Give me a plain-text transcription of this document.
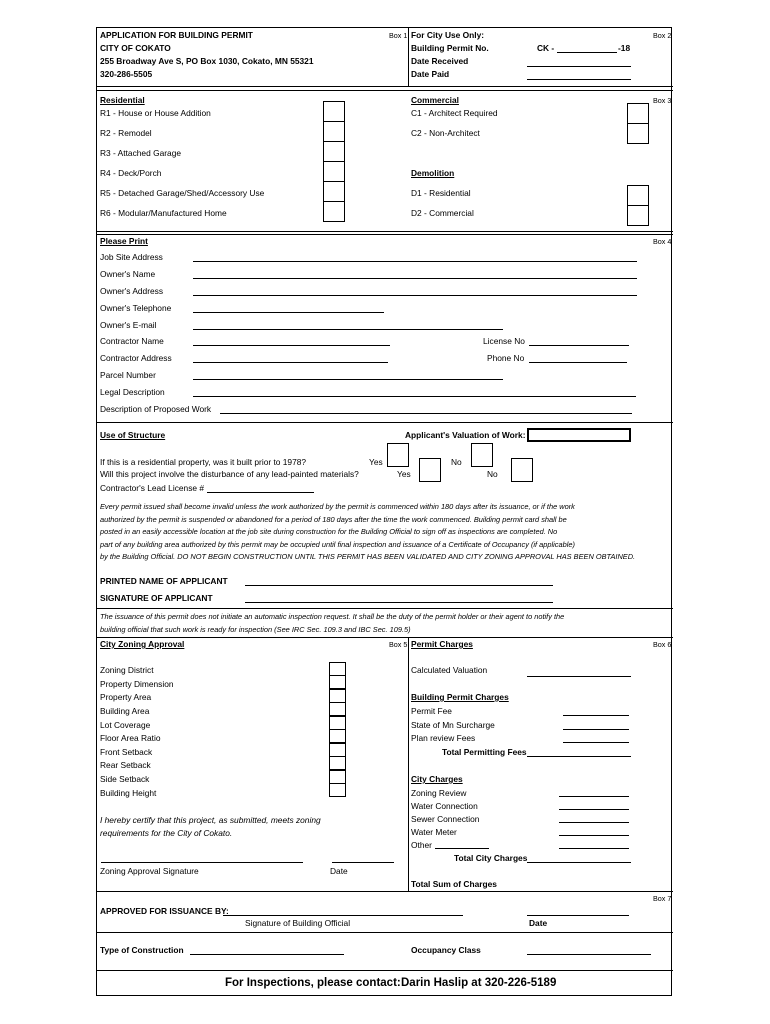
APPLICATION FOR BUILDING PERMIT
CITY OF COKATO
255 Broadway Ave S, PO Box 1030, Cokato, MN 55321
320-286-5505
Box 1 For City Use Only:	Box 2
Building Permit No.	CK -	-18
Date Received
Date Paid
Residential
R1 - House or House Addition
R2 - Remodel
R3 - Attached Garage
R4 - Deck/Porch
R5 - Detached Garage/Shed/Accessory Use
R6 - Modular/Manufactured Home
Commercial	Box 3
C1 - Architect Required
C2 - Non-Architect
Demolition
D1 - Residential
D2 - Commercial
Please Print	Box 4
Job Site Address
Owner's Name
Owner's Address
Owner's Telephone
Owner's E-mail
Contractor Name	License No
Contractor Address	Phone No
Parcel Number
Legal Description
Description of Proposed Work
Use of Structure	Applicant's Valuation of Work:
If this is a residential property, was it built prior to 1978?	Yes	No
Will this project involve the disturbance of any lead-painted materials?	Yes	No
Contractor's Lead License #
Every permit issued shall become invalid unless the work authorized by the permit is commenced within 180 days after its issuance, or if the work
authorized by the permit is suspended or abandoned for a period of 180 days after the time the work commenced. Building permit card shall be
posted in an easily accessible location at the job site during construction for the Building Official to sign off as inspections are completed. No
part of any building area authorized by this permit may be occupied until final inspection and issuance of a Certificate of Occupancy (if applicable)
by the Building Official. DO NOT BEGIN CONSTRUCTION UNTIL THIS PERMIT HAS BEEN VALIDATED AND CITY ZONING APPROVAL HAS BEEN OBTAINED.
PRINTED NAME OF APPLICANT
SIGNATURE OF APPLICANT
The issuance of this permit does not initiate an automatic inspection request. It shall be the duty of the permit holder or their agent to notify the
building official that such work is ready for inspection (See IRC Sec. 109.3 and IBC Sec. 109.5)
City Zoning Approval	Box 5
Zoning District
Property Dimension
Property Area
Building Area
Lot Coverage
Floor Area Ratio
Front Setback
Rear Setback
Side Setback
Building Height
I hereby certify that this project, as submitted, meets zoning
requirements for the City of Cokato.
Zoning Approval Signature	Date
Permit Charges	Box 6
Calculated Valuation
Building Permit Charges
Permit Fee
State of Mn Surcharge
Plan review Fees
Total Permitting Fees
City Charges
Zoning Review
Water Connection
Sewer Connection
Water Meter
Other
Total City Charges
Total Sum of Charges
Box 7
APPROVED FOR ISSUANCE BY:
Signature of Building Official	Date
Type of Construction	Occupancy Class
For Inspections, please contact: Darin Haslip at 320-226-5189
